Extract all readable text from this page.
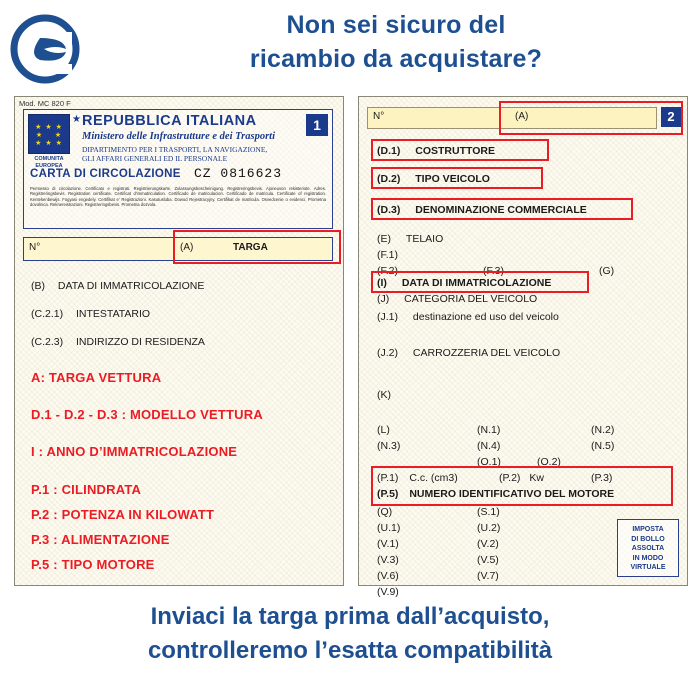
Non sei sicuro del
ricambio da acquistare?
Mod. MC 820 F
★ ★ ★
★    ★
★ ★ ★
COMUNITA
EUROPEA
★ REPUBBLICA ITALIANA
Ministero delle Infrastrutture e dei Trasporti
DIPARTIMENTO PER I TRASPORTI, LA NAVIGAZIONE,
GLI AFFARI GENERALI ED IL PERSONALE
1
CARTA DI CIRCOLAZIONE CZ 0816623
Permesso di circolazione. Certificato e registrati. Registrierungskarte. Zulassungsbescheinigung. Registreringsbevis. Ajoneuvon rekisteriote. Adres. Registreringsbevis. Registration certificate. Certificat d'immatriculation. Certificado de matriculacion. Certificado de matricula. Certificate of registration. Kentekenbewijs. Fogyasi engedely. Certifikat e' Registrazioni. Kasutusluba. Dowod Rejestracyjny. Certifikat de matricula. Osvedcenie o evidenci. Prometna dovolnica. Reknereistrazioni. Registreringsbevis. Prometna dozvola.
N°	(A)	TARGA
(B) DATA DI IMMATRICOLAZIONE
(C.2.1) INTESTATARIO
(C.2.3) INDIRIZZO DI RESIDENZA
A: TARGA VETTURA
D.1 - D.2 - D.3 : MODELLO VETTURA
I : ANNO D’IMMATRICOLAZIONE
P.1 : CILINDRATA
P.2 : POTENZA IN KILOWATT
P.3 : ALIMENTAZIONE
P.5 : TIPO MOTORE
N°	(A)	2
(D.1) COSTRUTTORE
(D.2) TIPO VEICOLO
(D.3) DENOMINAZIONE COMMERCIALE
(E) TELAIO
(F.1)
(F.2)	(F.3)	(G)
(I) DATA DI IMMATRICOLAZIONE
(J) CATEGORIA DEL VEICOLO
(J.1) destinazione ed uso del veicolo
(J.2) CARROZZERIA DEL VEICOLO
(K)
(L)	(N.1)	(N.2)
(N.3)	(N.4)	(N.5)
(O.1)	(O.2)
(P.1) C.c. (cm3)	(P.2) Kw	(P.3)
(P.5) NUMERO IDENTIFICATIVO DEL MOTORE
(Q)	(S.1)
(U.1)	(U.2)
(V.1)	(V.2)
(V.3)	(V.5)
(V.6)	(V.7)
(V.9)
IMPOSTA
DI BOLLO
ASSOLTA
IN MODO
VIRTUALE
Inviaci la targa prima dall’acquisto,
controlleremo l’esatta compatibilità
